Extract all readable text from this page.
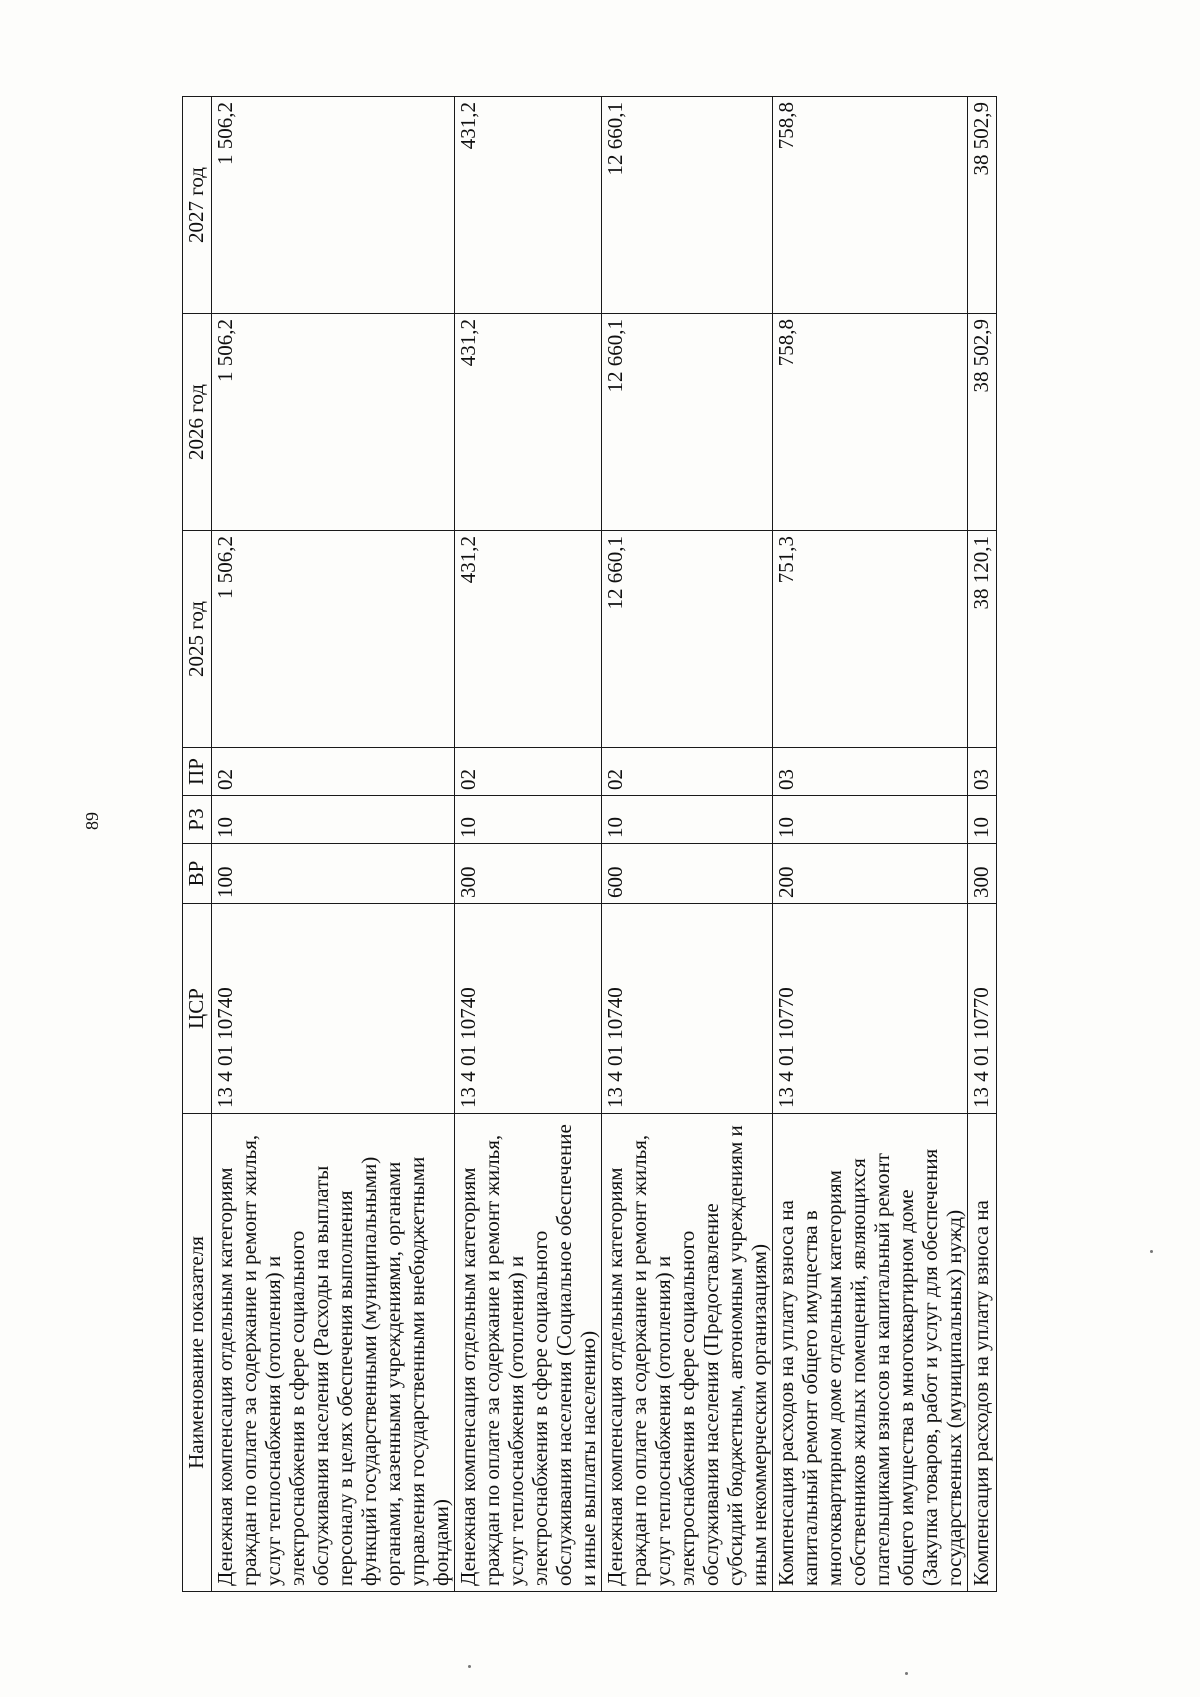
89
Наименование показателя	ЦСР	ВР	РЗ	ПР	2025 год	2026 год	2027 год
Денежная компенсация отдельным категориям граждан по оплате за содержание и ремонт жилья, услуг теплоснабжения (отопления) и электроснабжения в сфере социального обслуживания населения (Расходы на выплаты персоналу в целях обеспечения выполнения функций государственными (муниципальными) органами, казенными учреждениями, органами управления государственными внебюджетными фондами)	13 4 01 10740	100	10	02	1 506,2	1 506,2	1 506,2
Денежная компенсация отдельным категориям граждан по оплате за содержание и ремонт жилья, услуг теплоснабжения (отопления) и электроснабжения в сфере социального обслуживания населения (Социальное обеспечение и иные выплаты населению)	13 4 01 10740	300	10	02	431,2	431,2	431,2
Денежная компенсация отдельным категориям граждан по оплате за содержание и ремонт жилья, услуг теплоснабжения (отопления) и электроснабжения в сфере социального обслуживания населения (Предоставление субсидий бюджетным, автономным учреждениям и иным некоммерческим организациям)	13 4 01 10740	600	10	02	12 660,1	12 660,1	12 660,1
Компенсация расходов на уплату взноса на капитальный ремонт общего имущества в многоквартирном доме отдельным категориям собственников жилых помещений, являющихся плательщиками взносов на капитальный ремонт общего имущества в многоквартирном доме (Закупка товаров, работ и услуг для обеспечения государственных (муниципальных) нужд)	13 4 01 10770	200	10	03	751,3	758,8	758,8
Компенсация расходов на уплату взноса на	13 4 01 10770	300	10	03	38 120,1	38 502,9	38 502,9
